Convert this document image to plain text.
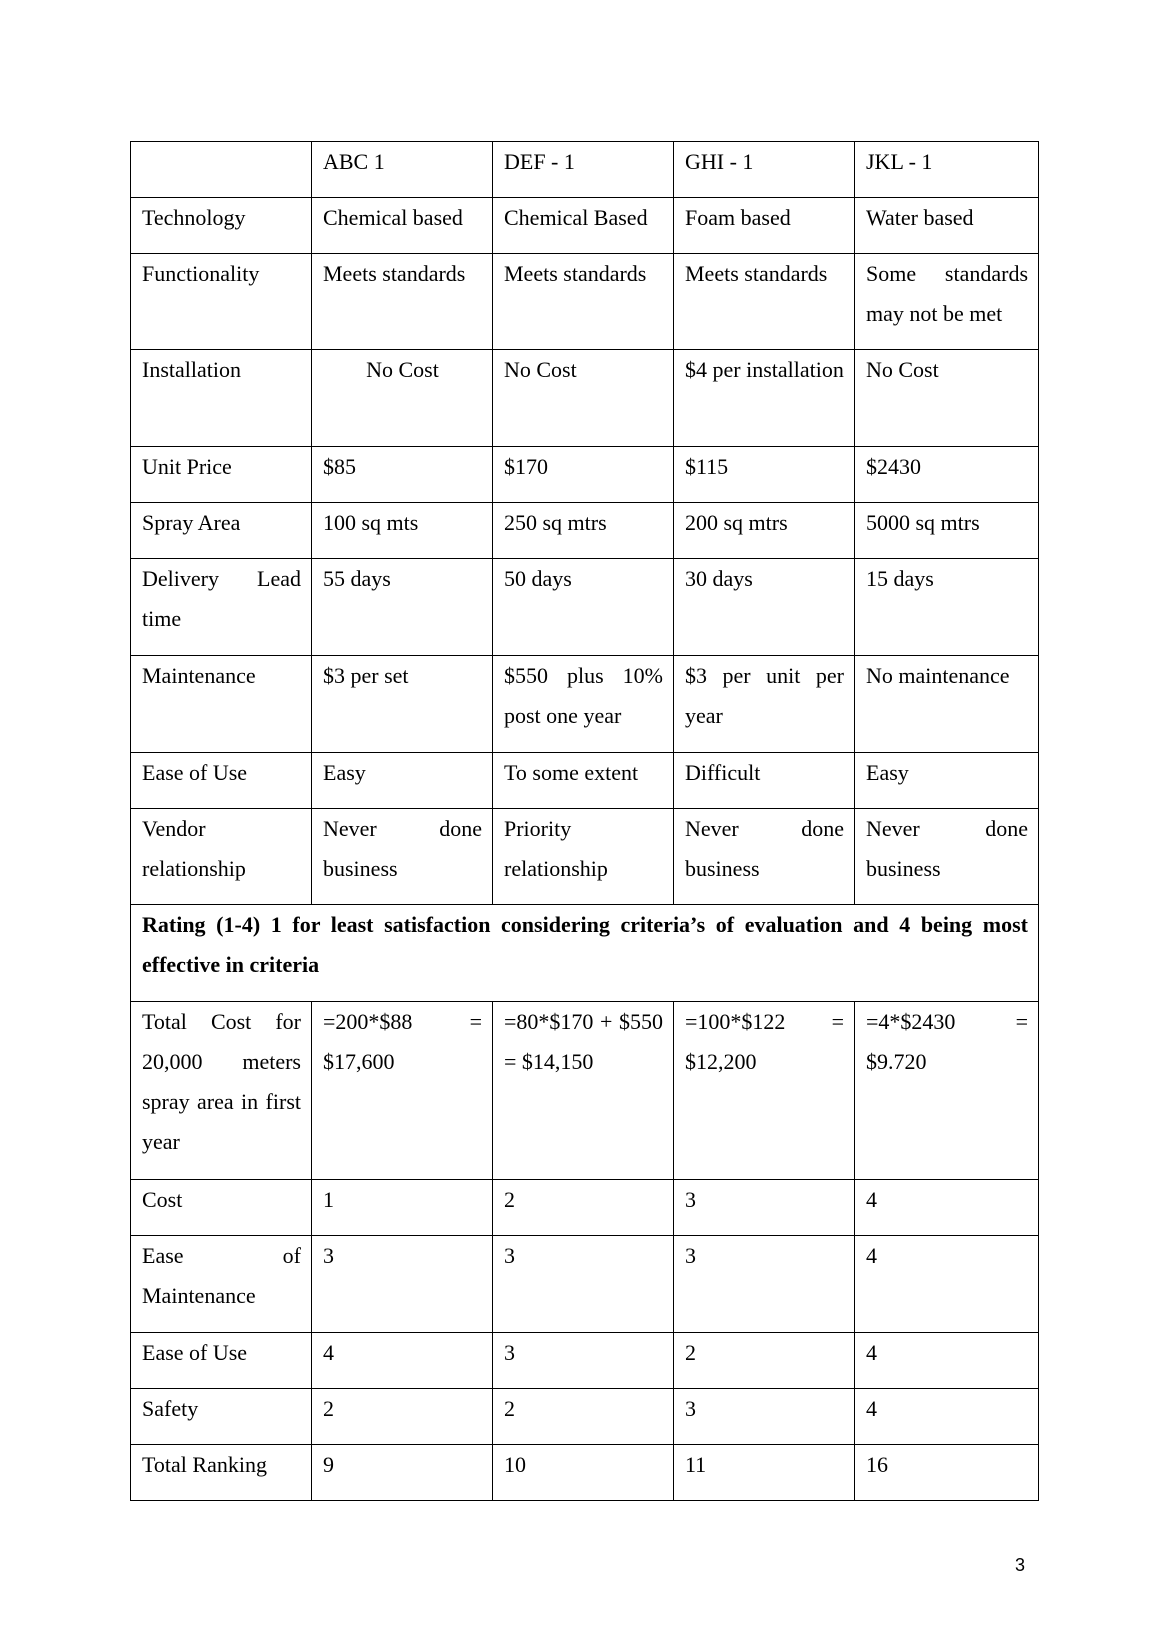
	ABC 1	DEF - 1	GHI - 1	JKL - 1
Technology	Chemical based	Chemical Based	Foam based	Water based
Functionality	Meets standards	Meets standards	Meets standards	Some standards may not be met
Installation	No Cost	No Cost	$4 per installation	No Cost
Unit Price	$85	$170	$115	$2430
Spray Area	100 sq mts	250 sq mtrs	200 sq mtrs	5000 sq mtrs
Delivery Lead time	55 days	50 days	30 days	15 days
Maintenance	$3 per set	$550 plus 10% post one year	$3 per unit per year	No maintenance
Ease of Use	Easy	To some extent	Difficult	Easy
Vendor relationship	Never done business	Priority relationship	Never done business	Never done business
Rating (1-4) 1 for least satisfaction considering criteria’s of evaluation and 4 being most effective in criteria				
Total Cost for 20,000 meters spray area in first year	=200*$88 = $17,600	=80*$170 + $550 = $14,150	=100*$122 = $12,200	=4*$2430 = $9.720
Cost	1	2	3	4
Ease of Maintenance	3	3	3	4
Ease of Use	4	3	2	4
Safety	2	2	3	4
Total Ranking	9	10	11	16
3
